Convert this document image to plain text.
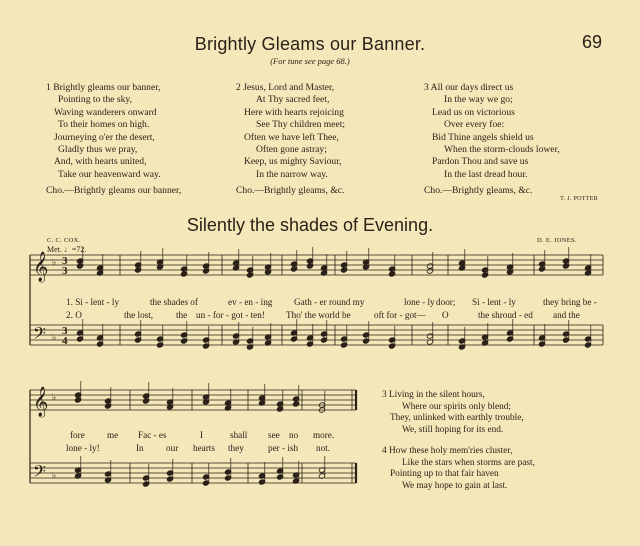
Brightly Gleams our Banner.	69
(For tune see page 68.)
1 Brightly gleams our banner,
Pointing to the sky,
Waving wanderers onward
To their homes on high.
Journeying o'er the desert,
Gladly thus we pray,
And, with hearts united,
Take our heavenward way.
Cho.—Brightly gleams our banner,
2 Jesus, Lord and Master,
At Thy sacred feet,
Here with hearts rejoicing
See Thy children meet;
Often we have left Thee,
Often gone astray;
Keep, us mighty Saviour,
In the narrow way.
Cho.—Brightly gleams, &c.
3 All our days direct us
In the way we go;
Lead us on victorious
Over every foe:
Bid Thine angels shield us
When the storm-clouds lower,
Pardon Thou and save us
In the last dread hour.
Cho.—Brightly gleams, &c.
T. J. POTTER
Silently the shades of Evening.
C. C. COX.	D. E. JONES.
Met. ♩=72.
𝄞
𝄢
♭
♭
3
3
4
3
𝄞
𝄢
♭
♭
1. Si - lent - ly	the shades of	ev - en - ing Gath - er round my	lone - ly door; Si - lent - ly	they bring be -
2. O	the lost, the un - for - got - ten! Tho' the world be	oft for - got— O	the shroud - ed and the
fore me Fac - es	I	shall see no more.
lone - ly!	In our hearts they	per - ish not.
3 Living in the silent hours,
Where our spirits only blend;
They, unlinked with earthly trouble,
We, still hoping for its end.
4 How these holy mem'ries cluster,
Like the stars when storms are past,
Pointing up to that fair haven
We may hope to gain at last.
